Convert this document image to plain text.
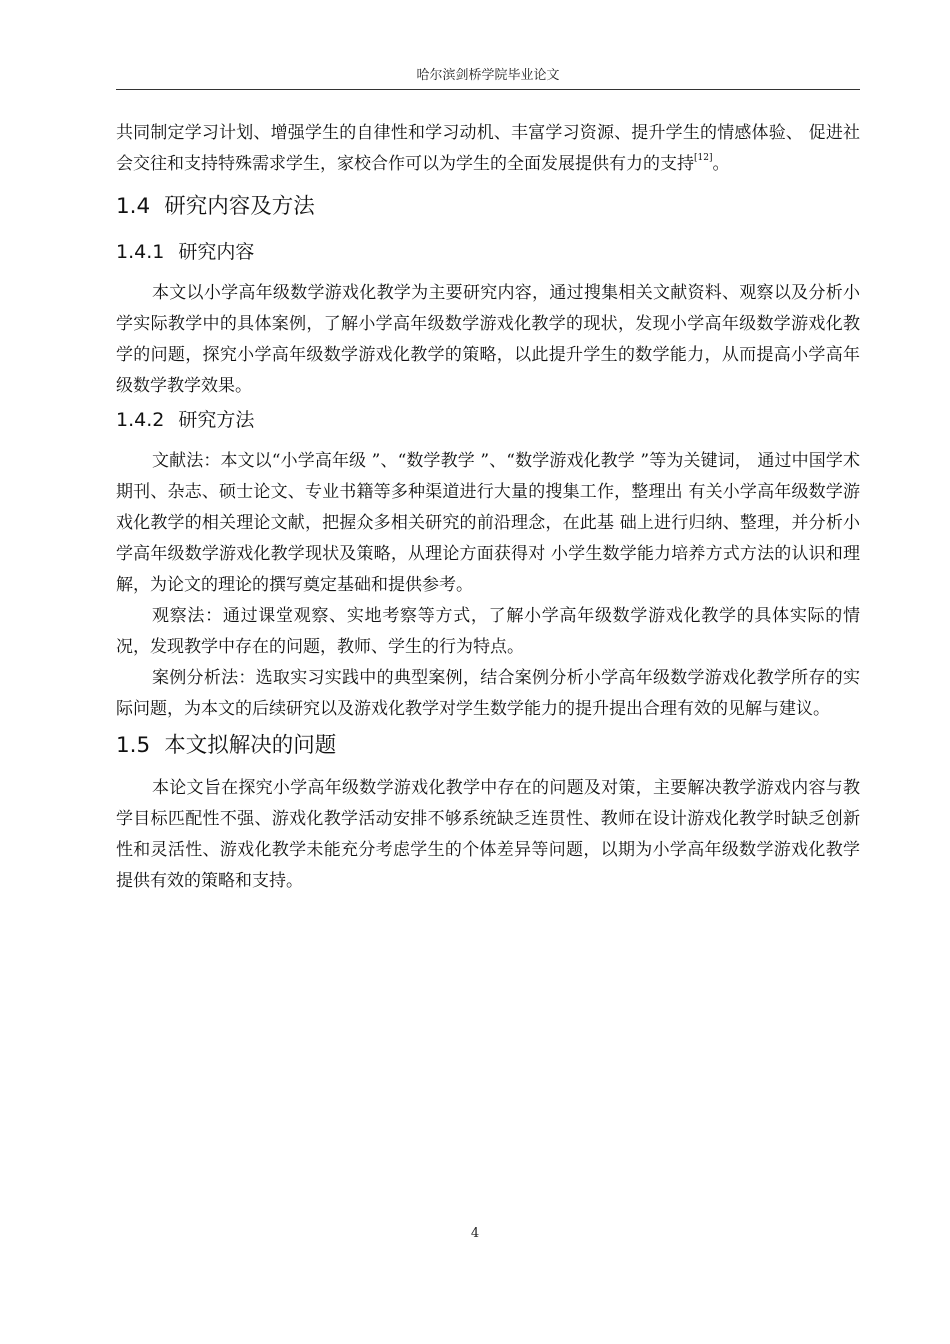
哈尔滨剑桥学院毕业论文

共同制定学习计划、增强学生的自律性和学习动机、丰富学习资源、提升学生的情感体验、 促进社会交往和支持特殊需求学生，家校合作可以为学生的全面发展提供有力的支持[12]。

1.4 研究内容及方法
1.4.1 研究内容

本文以小学高年级数学游戏化教学为主要研究内容，通过搜集相关文献资料、观察以及分析小学实际教学中的具体案例，了解小学高年级数学游戏化教学的现状，发现小学高年级数学游戏化教学的问题，探究小学高年级数学游戏化教学的策略，以此提升学生的数学能力，从而提高小学高年级数学教学效果。

1.4.2 研究方法

文献法：本文以“小学高年级 ”、“数学教学 ”、“数学游戏化教学 ”等为关键词， 通过中国学术期刊、杂志、硕士论文、专业书籍等多种渠道进行大量的搜集工作，整理出 有关小学高年级数学游戏化教学的相关理论文献，把握众多相关研究的前沿理念，在此基 础上进行归纳、整理，并分析小学高年级数学游戏化教学现状及策略，从理论方面获得对 小学生数学能力培养方式方法的认识和理解，为论文的理论的撰写奠定基础和提供参考。

观察法：通过课堂观察、实地考察等方式，了解小学高年级数学游戏化教学的具体实际的情况，发现教学中存在的问题，教师、学生的行为特点。

案例分析法：选取实习实践中的典型案例，结合案例分析小学高年级数学游戏化教学所存的实际问题，为本文的后续研究以及游戏化教学对学生数学能力的提升提出合理有效的见解与建议。

1.5 本文拟解决的问题

本论文旨在探究小学高年级数学游戏化教学中存在的问题及对策，主要解决教学游戏内容与教学目标匹配性不强、游戏化教学活动安排不够系统缺乏连贯性、教师在设计游戏化教学时缺乏创新性和灵活性、游戏化教学未能充分考虑学生的个体差异等问题，以期为小学高年级数学游戏化教学提供有效的策略和支持。

4
